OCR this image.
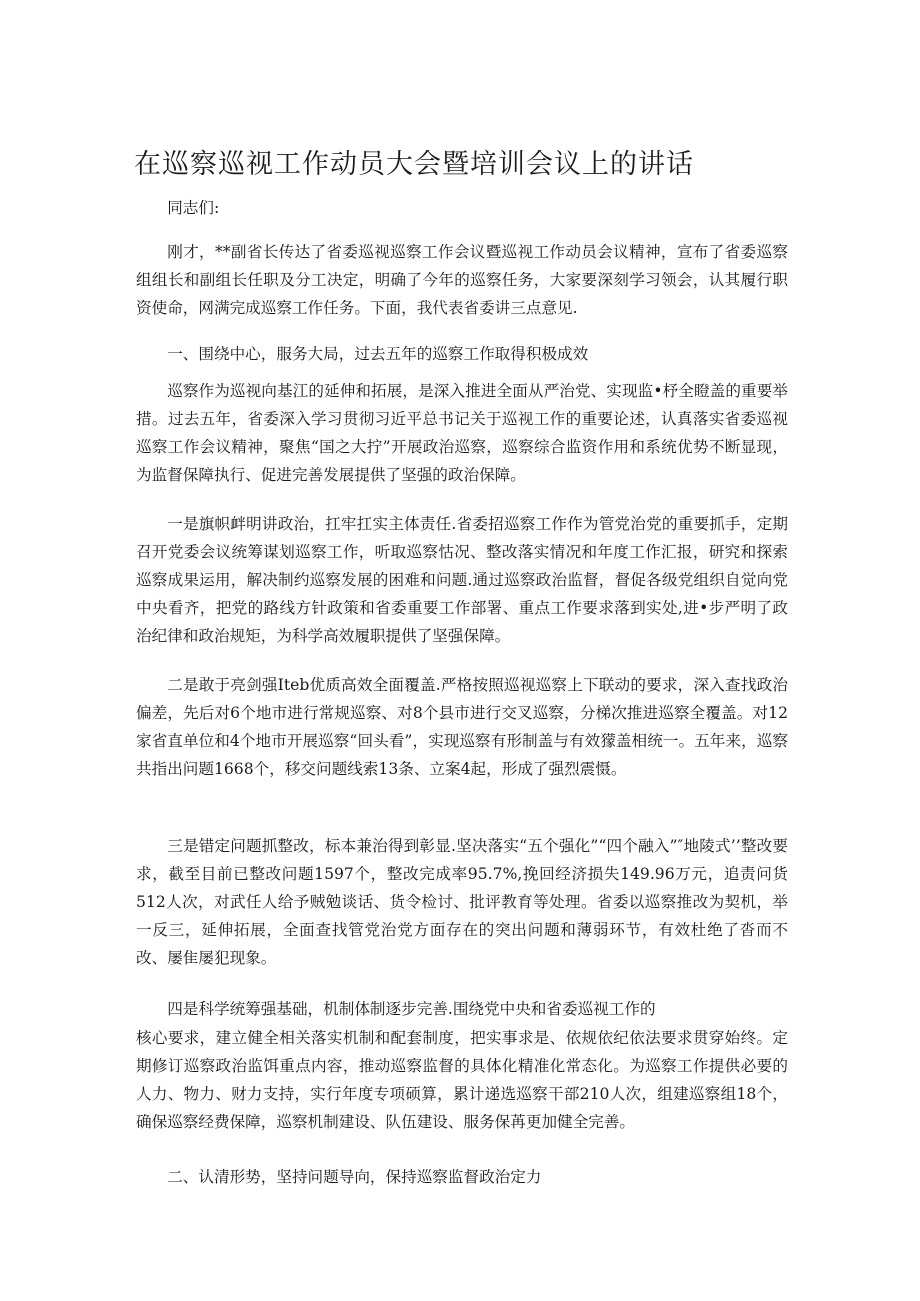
在巡察巡视工作动员大会暨培训会议上的讲话

同志们:

刚才，**副省长传达了省委巡视巡察工作会议暨巡视工作动员会议精神，宣布了省委巡察组组长和副组长任职及分工决定，明确了今年的巡察任务，大家要深刻学习领会，认其履行职资使命，网满完成巡察工作任务。下面，我代表省委讲三点意见.

一、围绕中心，服务大局，过去五年的巡察工作取得积极成效

巡察作为巡视向基江的延伸和拓展，是深入推进全面从严治党、实现监•杼全瞪盖的重要举措。过去五年，省委深入学习贯彻习近平总书记关于巡视工作的重要论述，认真落实省委巡视巡察工作会议精神，聚焦“国之大拧”开展政治巡察，巡察综合监资作用和系统优势不断显现，为监督保障执行、促进完善发展提供了坚强的政治保障。

一是旗帜衅明讲政治，扛牢扛实主体责任.省委招巡察工作作为管党治党的重要抓手，定期召开党委会议统筹谋划巡察工作，听取巡察怙况、整改落实情况和年度工作汇报，研究和探索巡察成果运用，解决制约巡察发展的困难和问题.通过巡察政治监督，督促各级党组织自觉向党中央看齐，把党的路线方针政策和省委重要工作部署、重点工作要求落到实处,进•步严明了政治纪律和政治规矩，为科学高效履职提供了坚强保障。

二是敢于亮剑强Iteb优质高效全面覆盖.严格按照巡视巡察上下联动的要求，深入查找政治偏差，先后对6个地市进行常规巡察、对8个县市进行交叉巡察，分梯次推进巡察全覆盖。对12家省直单位和4个地市开展巡察“回头看”，实现巡察有形制盖与有效獴盖相统一。五年来，巡察共指出问题1668个，移交问题线索13条、立案4起，形成了强烈震慑。

三是错定问题抓整改，标本兼治得到彰显.坚决落实“五个强化”“四个融入”″地陵式’’整改要求，截至目前已整改问题1597个，整改完成率95.7%,挽回经济损失149.96万元，追责问货512人次，对武任人给予贼勉谈话、货令检讨、批评教育等处理。省委以巡察推改为契机，举一反三，延伸拓展，全面查找管党治党方面存在的突出问题和薄弱环节，有效杜绝了沓而不改、屡隹屡犯现象。

四是科学统筹强基础，机制体制逐步完善.围绕党中央和省委巡视工作的

核心要求，建立健全相关落实机制和配套制度，把实事求是、依规依纪依法要求贯穿始终。定期修订巡察政治监饵重点内容，推动巡察监督的具体化精准化常态化。为巡察工作提供必要的人力、物力、财力支持，实行年度专项硕算，累计递选巡察干部210人次，组建巡察组18个，确保巡察经费保障，巡察机制建设、队伍建设、服务保苒更加健全完善。

二、认清形势，坚持问题导向，保持巡察监督政治定力
